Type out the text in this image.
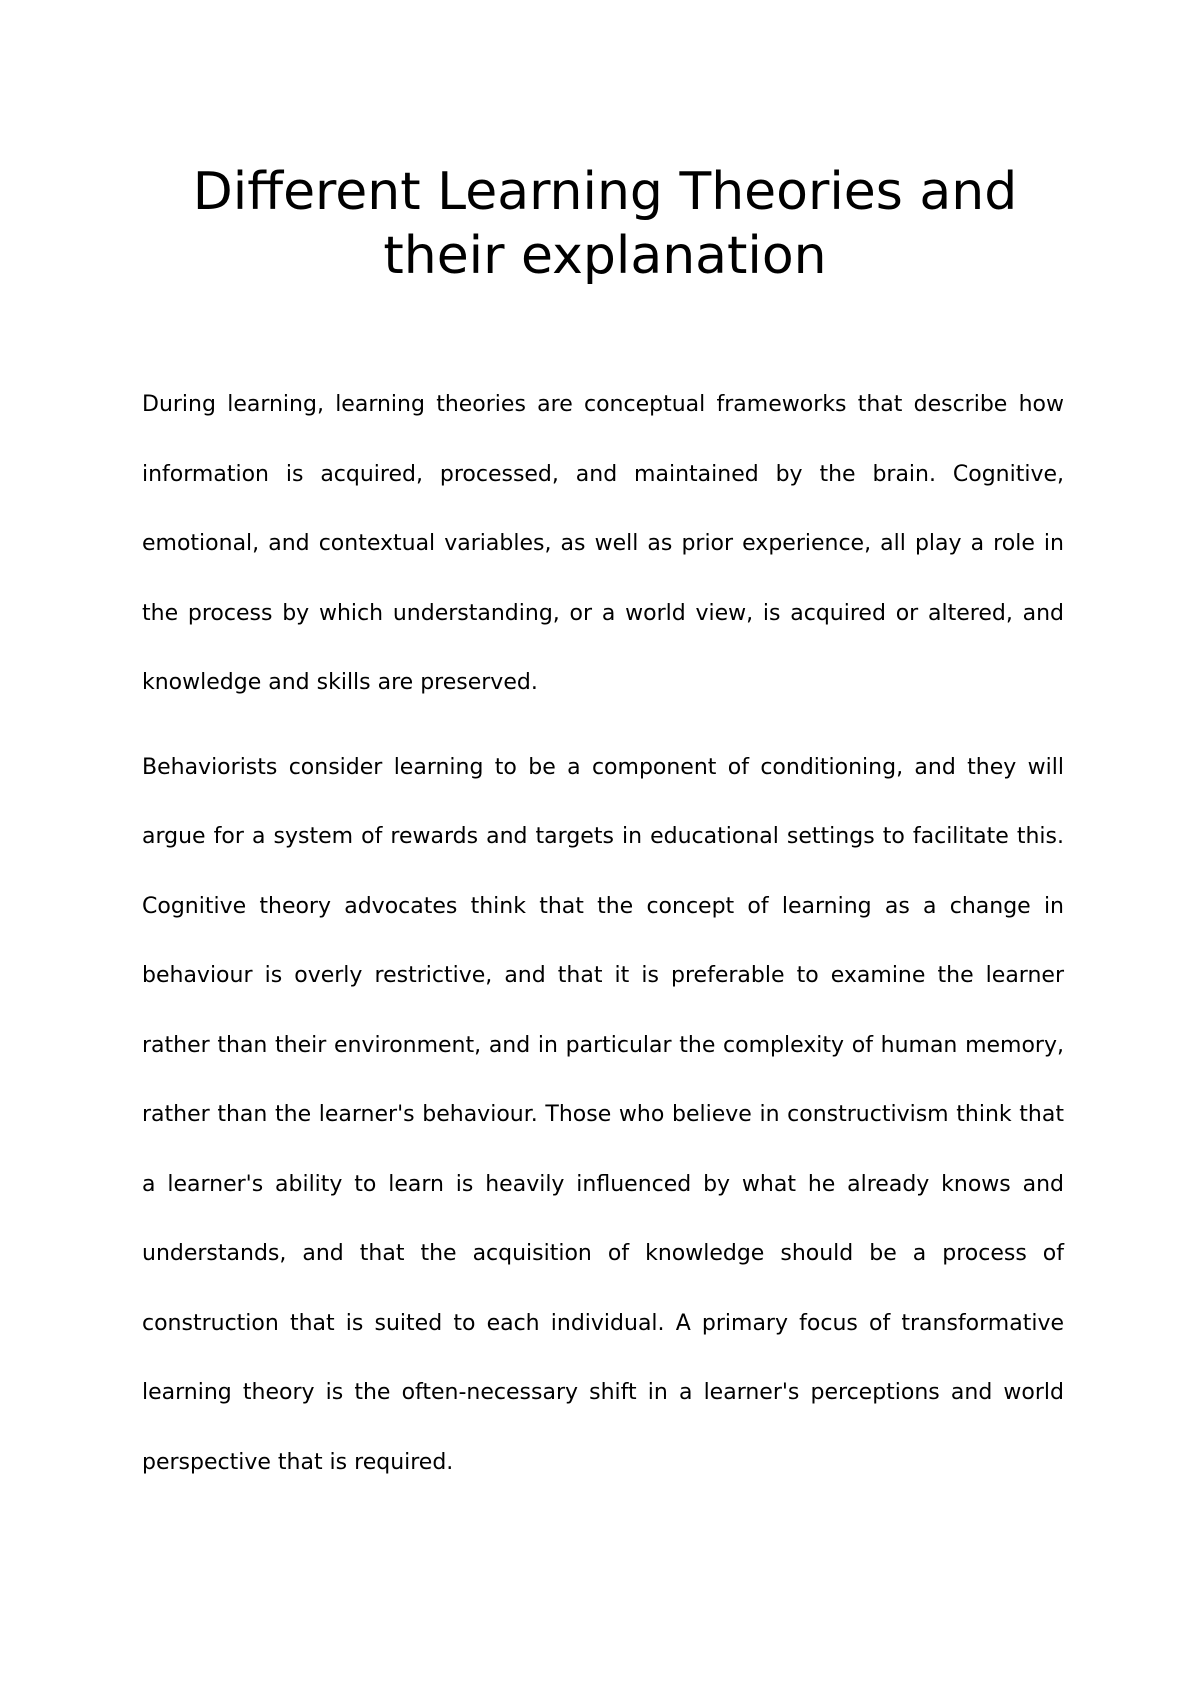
Different Learning Theories and their explanation

During learning, learning theories are conceptual frameworks that describe how information is acquired, processed, and maintained by the brain. Cognitive, emotional, and contextual variables, as well as prior experience, all play a role in the process by which understanding, or a world view, is acquired or altered, and knowledge and skills are preserved.

Behaviorists consider learning to be a component of conditioning, and they will argue for a system of rewards and targets in educational settings to facilitate this. Cognitive theory advocates think that the concept of learning as a change in behaviour is overly restrictive, and that it is preferable to examine the learner rather than their environment, and in particular the complexity of human memory, rather than the learner's behaviour. Those who believe in constructivism think that a learner's ability to learn is heavily influenced by what he already knows and understands, and that the acquisition of knowledge should be a process of construction that is suited to each individual. A primary focus of transformative learning theory is the often-necessary shift in a learner's perceptions and world perspective that is required.
